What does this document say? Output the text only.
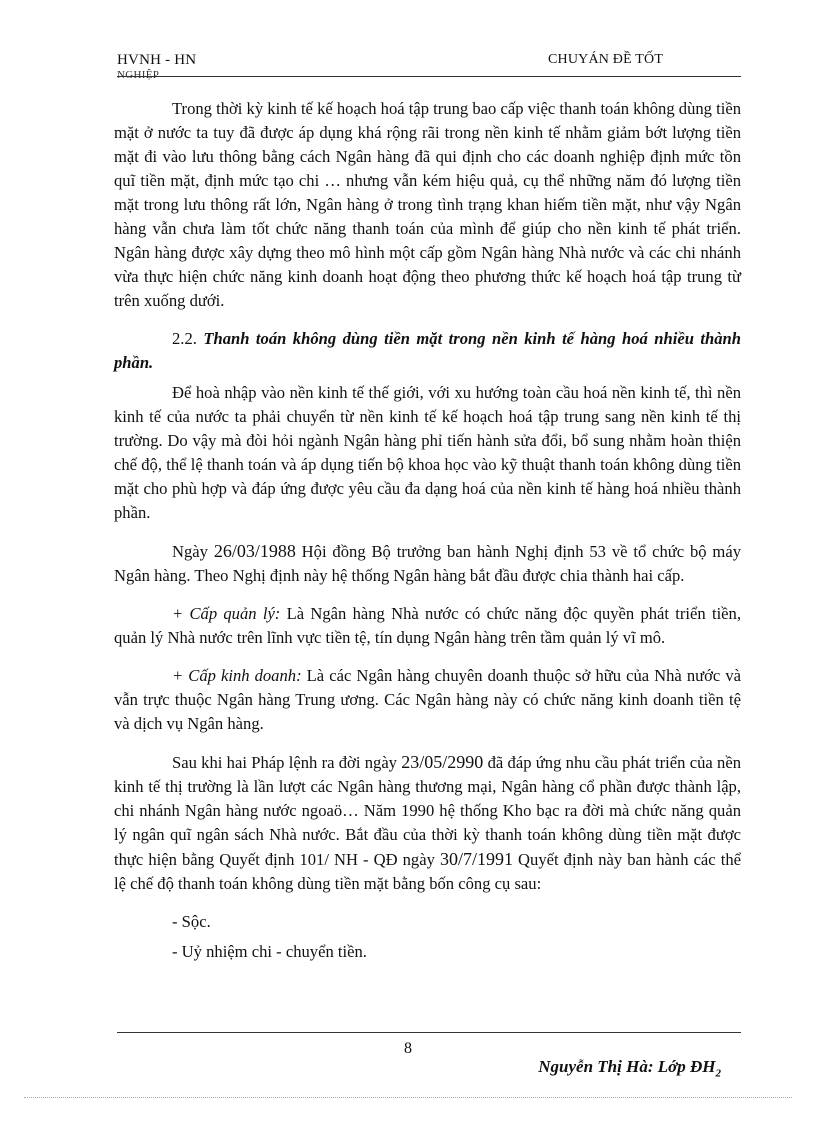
HVNH - HN
NGHIỆP
CHUYÁN ĐỀ TỐT

Trong thời kỳ kinh tế kế hoạch hoá tập trung bao cấp việc thanh toán không dùng tiền mặt ở nước ta tuy đã được áp dụng khá rộng rãi trong nền kinh tế nhằm giảm bớt lượng tiền mặt đi vào lưu thông bằng cách Ngân hàng đã qui định cho các doanh nghiệp định mức tồn quĩ tiền mặt, định mức tạo chi … nhưng vẫn kém hiệu quả, cụ thể những năm đó lượng tiền mặt trong lưu thông rất lớn, Ngân hàng ở trong tình trạng khan hiếm tiền mặt, như vậy Ngân hàng vẫn chưa làm tốt chức năng thanh toán của mình để giúp cho nền kinh tế phát triển. Ngân hàng được xây dựng theo mô hình một cấp gồm Ngân hàng Nhà nước và các chi nhánh vừa thực hiện chức năng kinh doanh hoạt động theo phương thức kế hoạch hoá tập trung từ trên xuống dưới.

2.2. Thanh toán không dùng tiền mặt trong nền kinh tế hàng hoá nhiều thành phần.

Để hoà nhập vào nền kinh tế thế giới, với xu hướng toàn cầu hoá nền kinh tế, thì nền kinh tế của nước ta phải chuyển từ nền kinh tế kế hoạch hoá tập trung sang nền kinh tế thị trường. Do vậy mà đòi hỏi ngành Ngân hàng phỉ tiến hành sửa đổi, bổ sung nhằm hoàn thiện chế độ, thể lệ thanh toán và áp dụng tiến bộ khoa học vào kỹ thuật thanh toán không dùng tiền mặt cho phù hợp và đáp ứng được yêu cầu đa dạng hoá của nền kinh tế hàng hoá nhiều thành phần.

Ngày 26/03/1988 Hội đồng Bộ trưởng ban hành Nghị định 53 về tổ chức bộ máy Ngân hàng. Theo Nghị định này hệ thống Ngân hàng bắt đầu được chia thành hai cấp.

+ Cấp quản lý: Là Ngân hàng Nhà nước có chức năng độc quyền phát triển tiền, quản lý Nhà nước trên lĩnh vực tiền tệ, tín dụng Ngân hàng trên tầm quản lý vĩ mô.

+ Cấp kinh doanh: Là các Ngân hàng chuyên doanh thuộc sở hữu của Nhà nước và vẫn trực thuộc Ngân hàng Trung ương. Các Ngân hàng này có chức năng kinh doanh tiền tệ và dịch vụ Ngân hàng.

Sau khi hai Pháp lệnh ra đời ngày 23/05/2990 đã đáp ứng nhu cầu phát triển của nền kinh tế thị trường là lần lượt các Ngân hàng thương mại, Ngân hàng cổ phần được thành lập, chi nhánh Ngân hàng nước ngoaö… Năm 1990 hệ thống Kho bạc ra đời mà chức năng quản lý ngân quĩ ngân sách Nhà nước. Bắt đầu của thời kỳ thanh toán không dùng tiền mặt được thực hiện bằng Quyết định 101/ NH - QĐ ngày 30/7/1991 Quyết định này ban hành các thể lệ chế độ thanh toán không dùng tiền mặt bằng bốn công cụ sau:

- Sộc.

- Uỷ nhiệm chi - chuyển tiền.

8
Nguyễn Thị Hà: Lớp $ĐH_2$
